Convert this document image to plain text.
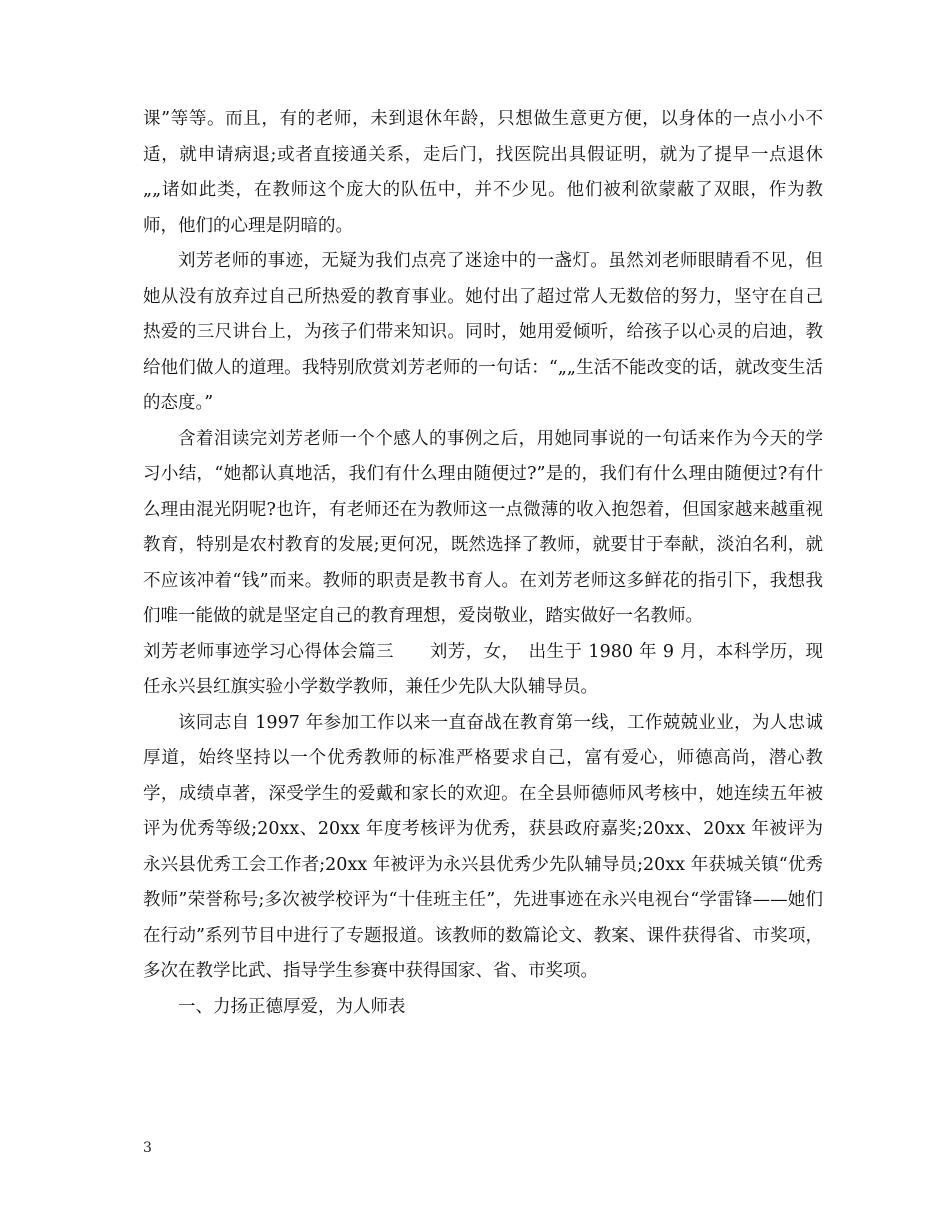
课”等等。而且，有的老师，未到退休年龄，只想做生意更方便，以身体的一点小小不适，就申请病退;或者直接通关系，走后门，找医院出具假证明，就为了提早一点退休„„诸如此类，在教师这个庞大的队伍中，并不少见。他们被利欲蒙蔽了双眼，作为教师，他们的心理是阴暗的。

刘芳老师的事迹，无疑为我们点亮了迷途中的一盏灯。虽然刘老师眼睛看不见，但她从没有放弃过自己所热爱的教育事业。她付出了超过常人无数倍的努力，坚守在自己热爱的三尺讲台上，为孩子们带来知识。同时，她用爱倾听，给孩子以心灵的启迪，教给他们做人的道理。我特别欣赏刘芳老师的一句话：“„„生活不能改变的话，就改变生活的态度。”

含着泪读完刘芳老师一个个感人的事例之后，用她同事说的一句话来作为今天的学习小结，“她都认真地活，我们有什么理由随便过?”是的，我们有什么理由随便过?有什么理由混光阴呢?也许，有老师还在为教师这一点微薄的收入抱怨着，但国家越来越重视教育，特别是农村教育的发展;更何况，既然选择了教师，就要甘于奉献，淡泊名利，就不应该冲着“钱”而来。教师的职责是教书育人。在刘芳老师这多鲜花的指引下，我想我们唯一能做的就是坚定自己的教育理想，爱岗敬业，踏实做好一名教师。

刘芳老师事迹学习心得体会篇三　　刘芳，女，　出生于 1980 年 9 月，本科学历，现任永兴县红旗实验小学数学教师，兼任少先队大队辅导员。

该同志自 1997 年参加工作以来一直奋战在教育第一线，工作兢兢业业，为人忠诚厚道，始终坚持以一个优秀教师的标准严格要求自己，富有爱心，师德高尚，潜心教学，成绩卓著，深受学生的爱戴和家长的欢迎。在全县师德师风考核中，她连续五年被评为优秀等级;20xx、20xx 年度考核评为优秀，获县政府嘉奖;20xx、20xx 年被评为永兴县优秀工会工作者;20xx 年被评为永兴县优秀少先队辅导员;20xx 年获城关镇“优秀教师”荣誉称号;多次被学校评为“十佳班主任”，先进事迹在永兴电视台“学雷锋——她们在行动”系列节目中进行了专题报道。该教师的数篇论文、教案、课件获得省、市奖项，多次在教学比武、指导学生参赛中获得国家、省、市奖项。

一、力扬正德厚爱，为人师表

3
